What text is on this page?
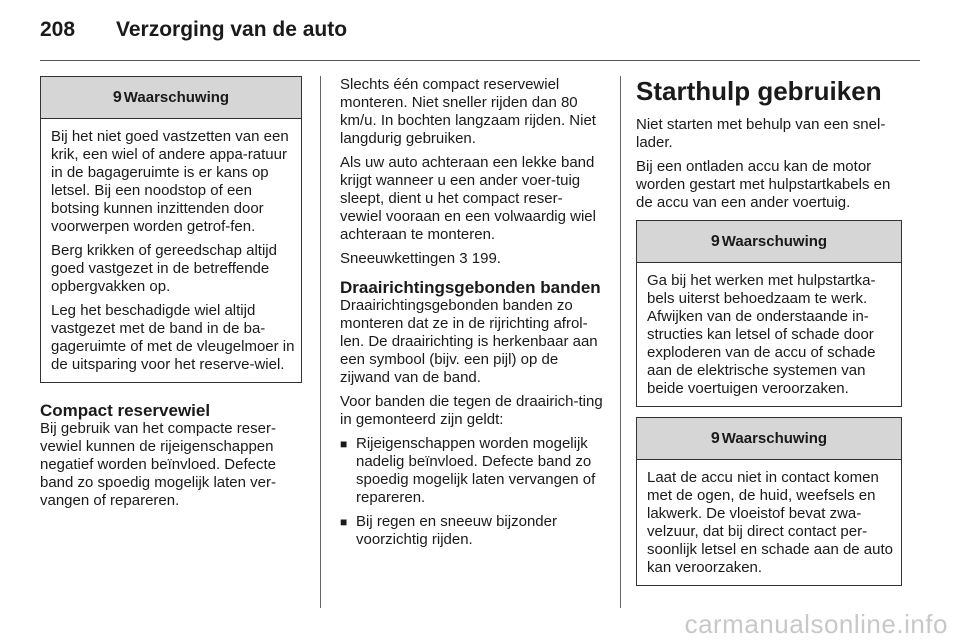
208 Verzorging van de auto
9 Waarschuwing

Bij het niet goed vastzetten van een krik, een wiel of andere appa-ratuur in de bagageruimte is er kans op letsel. Bij een noodstop of een botsing kunnen inzittenden door voorwerpen worden getrof-fen.

Berg krikken of gereedschap altijd goed vastgezet in de betreffende opbergvakken op.

Leg het beschadigde wiel altijd vastgezet met de band in de ba-gageruimte of met de vleugelmoer in de uitsparing voor het reserve-wiel.

Compact reservewiel

Bij gebruik van het compacte reser-vewiel kunnen de rijeigenschappen negatief worden beïnvloed. Defecte band zo spoedig mogelijk laten ver-vangen of repareren.

Slechts één compact reservewiel monteren. Niet sneller rijden dan 80 km/u. In bochten langzaam rijden. Niet langdurig gebruiken.

Als uw auto achteraan een lekke band krijgt wanneer u een ander voer-tuig sleept, dient u het compact reser-vewiel vooraan en een volwaardig wiel achteraan te monteren.

Sneeuwkettingen 3 199.

Draairichtingsgebonden banden

Draairichtingsgebonden banden zo monteren dat ze in de rijrichting afrol-len. De draairichting is herkenbaar aan een symbool (bijv. een pijl) op de zijwand van de band.

Voor banden die tegen de draairich-ting in gemonteerd zijn geldt:

■ Rijeigenschappen worden mogelijk nadelig beïnvloed. Defecte band zo spoedig mogelijk laten vervangen of repareren.
■ Bij regen en sneeuw bijzonder voorzichtig rijden.
Starthulp gebruiken

Niet starten met behulp van een snel-lader.

Bij een ontladen accu kan de motor worden gestart met hulpstartkabels en de accu van een ander voertuig.

9 Waarschuwing

Ga bij het werken met hulpstartka-bels uiterst behoedzaam te werk. Afwijken van de onderstaande in-structies kan letsel of schade door exploderen van de accu of schade aan de elektrische systemen van beide voertuigen veroorzaken.

9 Waarschuwing

Laat de accu niet in contact komen met de ogen, de huid, weefsels en lakwerk. De vloeistof bevat zwa-velzuur, dat bij direct contact per-soonlijk letsel en schade aan de auto kan veroorzaken.

carmanualsonline.info
